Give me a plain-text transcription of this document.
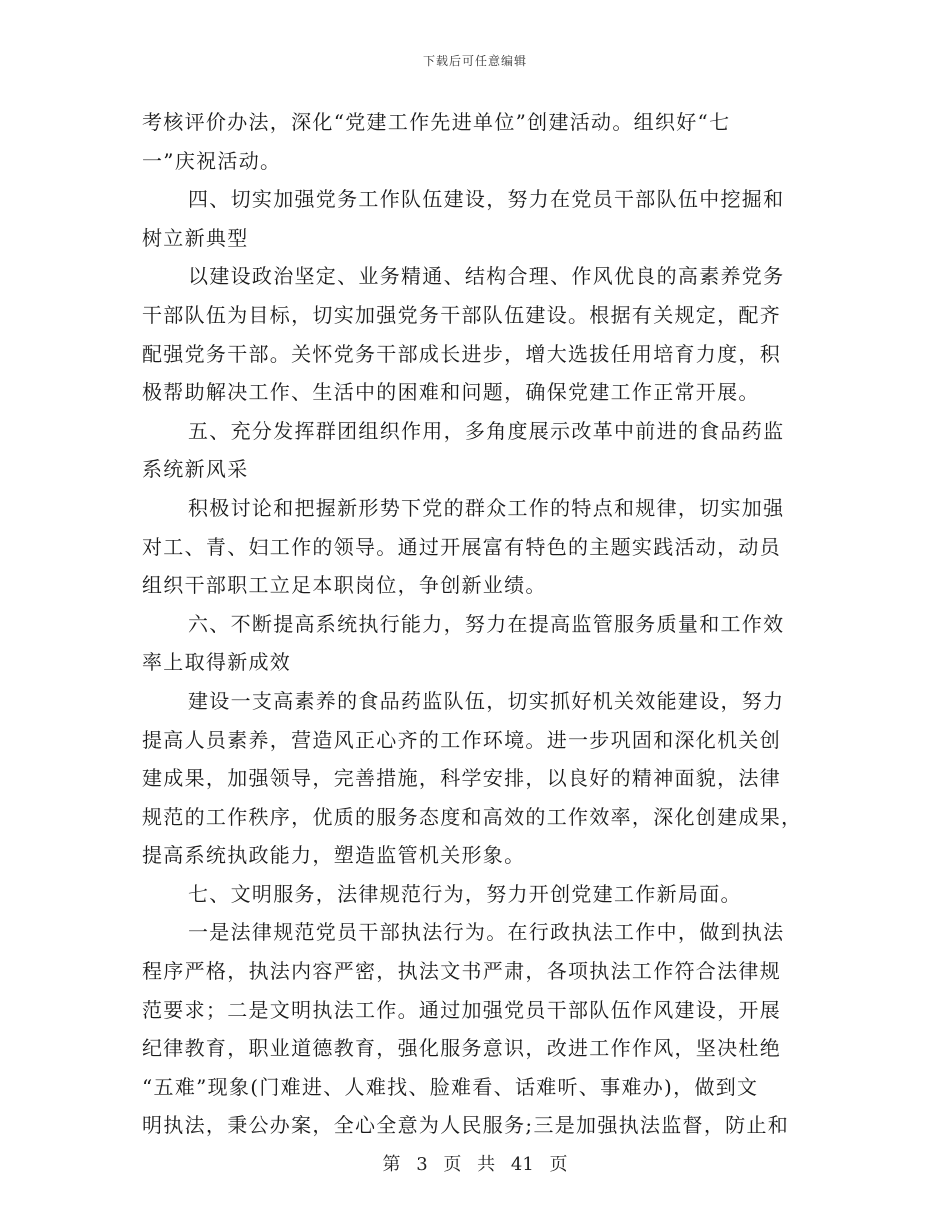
下载后可任意编辑
考核评价办法，深化“党建工作先进单位”创建活动。组织好“七
一”庆祝活动。
四、切实加强党务工作队伍建设，努力在党员干部队伍中挖掘和
树立新典型
以建设政治坚定、业务精通、结构合理、作风优良的高素养党务
干部队伍为目标，切实加强党务干部队伍建设。根据有关规定，配齐
配强党务干部。关怀党务干部成长进步，增大选拔任用培育力度，积
极帮助解决工作、生活中的困难和问题，确保党建工作正常开展。
五、充分发挥群团组织作用，多角度展示改革中前进的食品药监
系统新风采
积极讨论和把握新形势下党的群众工作的特点和规律，切实加强
对工、青、妇工作的领导。通过开展富有特色的主题实践活动，动员
组织干部职工立足本职岗位，争创新业绩。
六、不断提高系统执行能力，努力在提高监管服务质量和工作效
率上取得新成效
建设一支高素养的食品药监队伍，切实抓好机关效能建设，努力
提高人员素养，营造风正心齐的工作环境。进一步巩固和深化机关创
建成果，加强领导，完善措施，科学安排，以良好的精神面貌，法律
规范的工作秩序，优质的服务态度和高效的工作效率，深化创建成果，
提高系统执政能力，塑造监管机关形象。
七、文明服务，法律规范行为，努力开创党建工作新局面。
一是法律规范党员干部执法行为。在行政执法工作中，做到执法
程序严格，执法内容严密，执法文书严肃，各项执法工作符合法律规
范要求；二是文明执法工作。通过加强党员干部队伍作风建设，开展
纪律教育，职业道德教育，强化服务意识，改进工作作风，坚决杜绝
“五难”现象(门难进、人难找、脸难看、话难听、事难办)，做到文
明执法，秉公办案，全心全意为人民服务;三是加强执法监督，防止和
第 3 页 共 41 页
